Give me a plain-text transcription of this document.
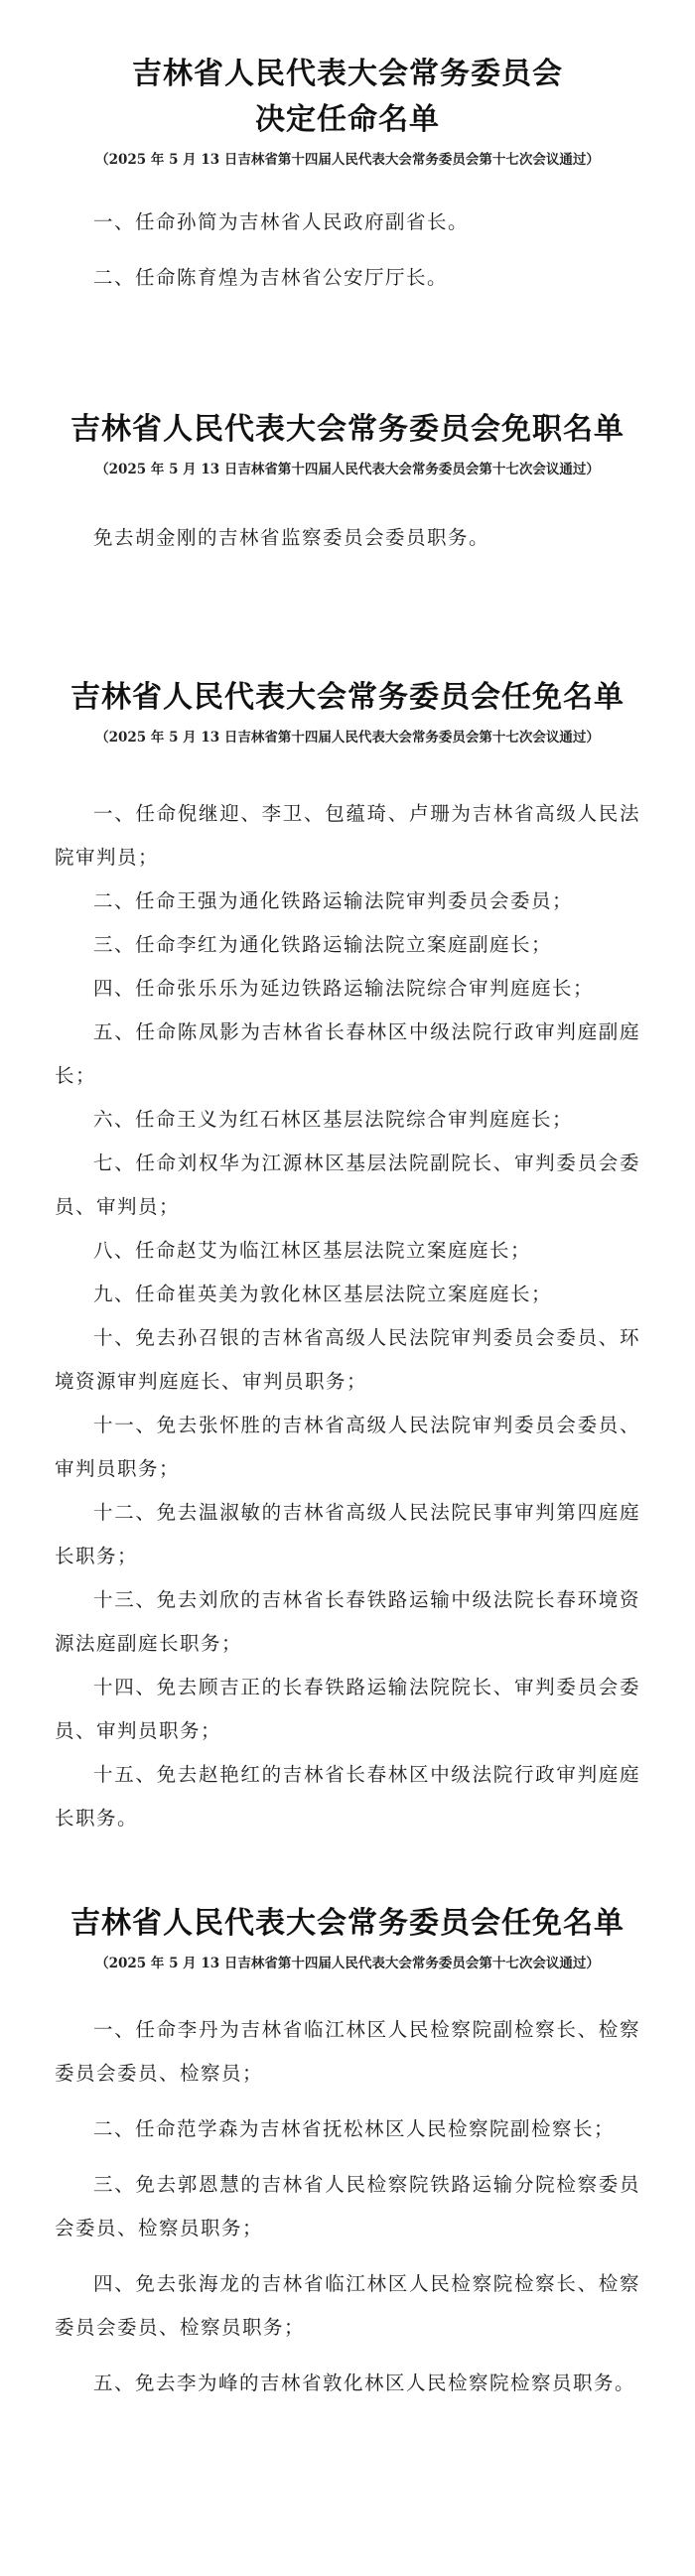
吉林省人民代表大会常务委员会
决定任命名单
（2025 年 5 月 13 日吉林省第十四届人民代表大会常务委员会第十七次会议通过）

一、任命孙简为吉林省人民政府副省长。

二、任命陈育煌为吉林省公安厅厅长。

吉林省人民代表大会常务委员会免职名单
（2025 年 5 月 13 日吉林省第十四届人民代表大会常务委员会第十七次会议通过）

免去胡金刚的吉林省监察委员会委员职务。

吉林省人民代表大会常务委员会任免名单
（2025 年 5 月 13 日吉林省第十四届人民代表大会常务委员会第十七次会议通过）

一、任命倪继迎、李卫、包蕴琦、卢珊为吉林省高级人民法院审判员；

二、任命王强为通化铁路运输法院审判委员会委员；

三、任命李红为通化铁路运输法院立案庭副庭长；

四、任命张乐乐为延边铁路运输法院综合审判庭庭长；

五、任命陈凤影为吉林省长春林区中级法院行政审判庭副庭长；

六、任命王义为红石林区基层法院综合审判庭庭长；

七、任命刘权华为江源林区基层法院副院长、审判委员会委员、审判员；

八、任命赵艾为临江林区基层法院立案庭庭长；

九、任命崔英美为敦化林区基层法院立案庭庭长；

十、免去孙召银的吉林省高级人民法院审判委员会委员、环境资源审判庭庭长、审判员职务；

十一、免去张怀胜的吉林省高级人民法院审判委员会委员、审判员职务；

十二、免去温淑敏的吉林省高级人民法院民事审判第四庭庭长职务；

十三、免去刘欣的吉林省长春铁路运输中级法院长春环境资源法庭副庭长职务；

十四、免去顾吉正的长春铁路运输法院院长、审判委员会委员、审判员职务；

十五、免去赵艳红的吉林省长春林区中级法院行政审判庭庭长职务。

吉林省人民代表大会常务委员会任免名单
（2025 年 5 月 13 日吉林省第十四届人民代表大会常务委员会第十七次会议通过）

一、任命李丹为吉林省临江林区人民检察院副检察长、检察委员会委员、检察员；

二、任命范学森为吉林省抚松林区人民检察院副检察长；

三、免去郭恩慧的吉林省人民检察院铁路运输分院检察委员会委员、检察员职务；

四、免去张海龙的吉林省临江林区人民检察院检察长、检察委员会委员、检察员职务；

五、免去李为峰的吉林省敦化林区人民检察院检察员职务。
